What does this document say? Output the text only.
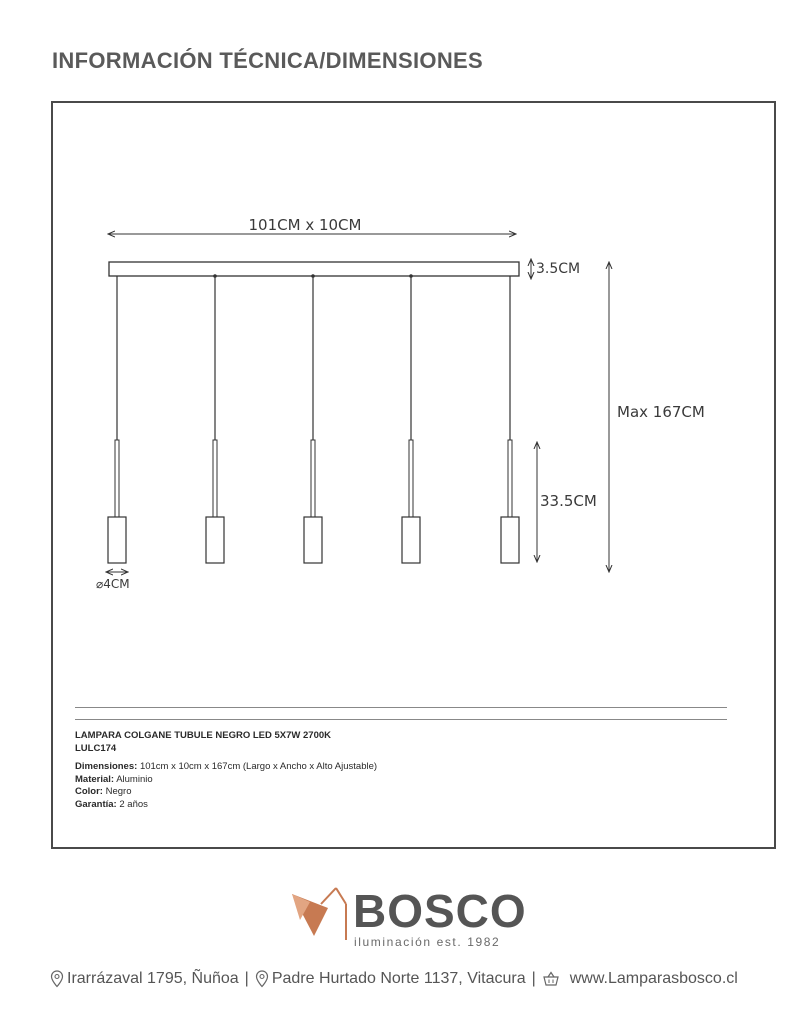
INFORMACIÓN TÉCNICA/DIMENSIONES
101CM x 10CM
3.5CM
Max 167CM
33.5CM
⌀4CM
LAMPARA COLGANE TUBULE NEGRO LED 5X7W 2700K
LULC174
Dimensiones: 101cm x 10cm x 167cm (Largo x Ancho x Alto Ajustable)
Material: Aluminio
Color: Negro
Garantía: 2 años
BOSCO
iluminación est. 1982
Irarrázaval 1795, Ñuñoa | Padre Hurtado Norte 1137, Vitacura | www.Lamparasbosco.cl
